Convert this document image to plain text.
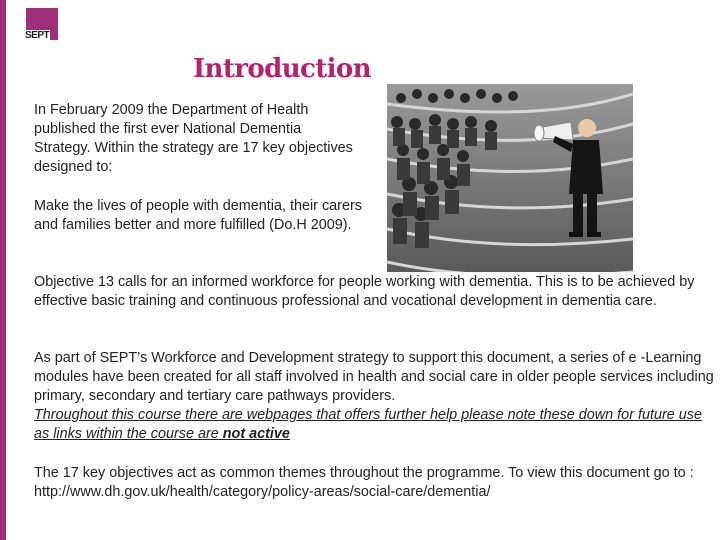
SEPT
Introduction

In February 2009 the Department of Health published the first ever National Dementia Strategy. Within the strategy are 17 key objectives designed to:

Make the lives of people with dementia, their carers and families better and more fulfilled (Do.H 2009).

Objective 13 calls for an informed workforce for people working with dementia. This is to be achieved by effective basic training and continuous professional and vocational development in dementia care.

As part of SEPT’s Workforce and Development strategy to support this document, a series of e -Learning modules have been created for all staff involved in health and social care in older people services including primary, secondary and tertiary care pathways providers.
Throughout this course there are webpages that offers further help please note these down for future use as links within the course are not active

The 17 key objectives act as common themes throughout the programme. To view this document go to : http://www.dh.gov.uk/health/category/policy-areas/social-care/dementia/
